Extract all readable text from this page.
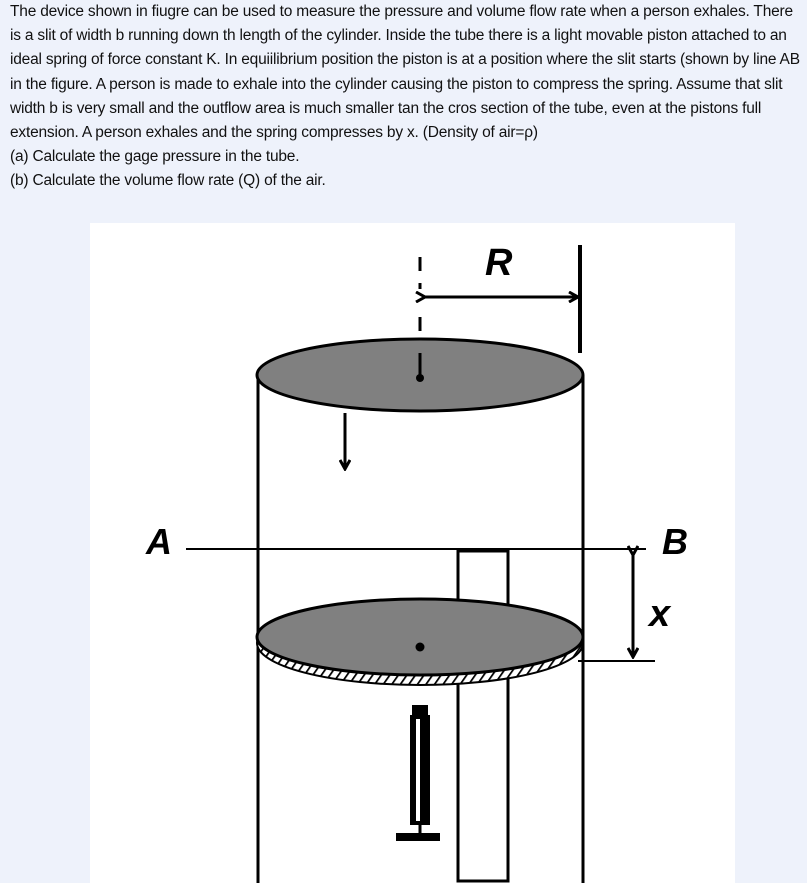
The device shown in fiugre can be used to measure the pressure and volume flow rate when a person exhales. There is a slit of width b running down th length of the cylinder. Inside the tube there is a light movable piston attached to an ideal spring of force constant K. In equiilibrium position the piston is at a position where the slit starts (shown by line AB in the figure. A person is made to exhale into the cylinder causing the piston to compress the spring. Assume that slit width b is very small and the outflow area is much smaller tan the cros section of the tube, even at the pistons full extension. A person exhales and the spring compresses by x. (Density of air=ρ)

(a) Calculate the gage pressure in the tube.

(b) Calculate the volume flow rate (Q) of the air.

R
A	B
x
